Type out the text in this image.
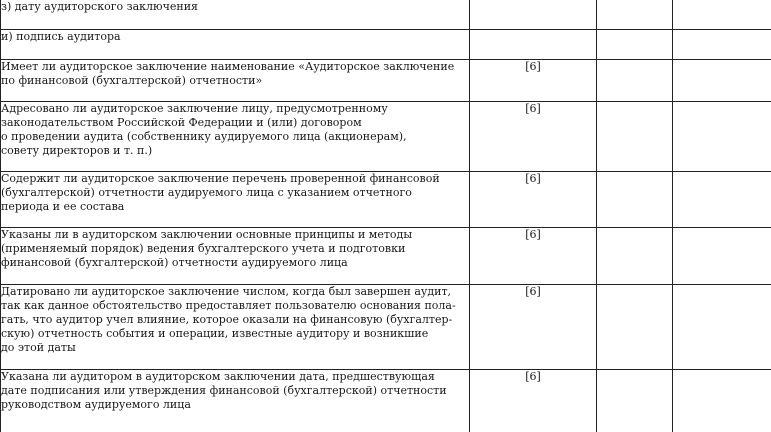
з) дату аудиторского заключения			

и) подпись аудитора			

Имеет ли аудиторское заключение наименование «Аудиторское заключение
по финансовой (бухгалтерской) отчетности»	[6]		

Адресовано ли аудиторское заключение лицу, предусмотренному
законодательством Российской Федерации и (или) договором
о проведении аудита (собственнику аудируемого лица (акционерам),
совету директоров и т. п.)	[6]		

Содержит ли аудиторское заключение перечень проверенной финансовой
(бухгалтерской) отчетности аудируемого лица с указанием отчетного
периода и ее состава	[6]		

Указаны ли в аудиторском заключении основные принципы и методы
(применяемый порядок) ведения бухгалтерского учета и подготовки
финансовой (бухгалтерской) отчетности аудируемого лица	[6]		

Датировано ли аудиторское заключение числом, когда был завершен аудит,
так как данное обстоятельство предоставляет пользователю основания пола-
гать, что аудитор учел влияние, которое оказали на финансовую (бухгалтер-
скую) отчетность события и операции, известные аудитору и возникшие
до этой даты	[6]		

Указана ли аудитором в аудиторском заключении дата, предшествующая
дате подписания или утверждения финансовой (бухгалтерской) отчетности
руководством аудируемого лица	[6]		
